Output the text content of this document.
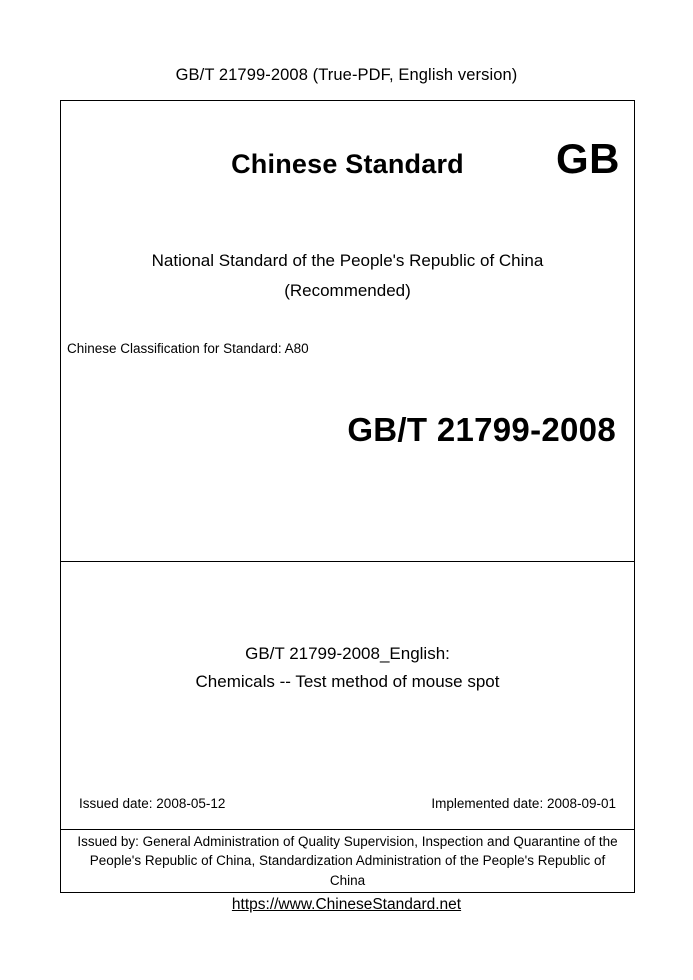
GB/T 21799-2008 (True-PDF, English version)
Chinese Standard	GB
National Standard of the People's Republic of China
(Recommended)
Chinese Classification for Standard: A80
GB/T 21799-2008
GB/T 21799-2008_English:
Chemicals -- Test method of mouse spot
Issued date: 2008-05-12	Implemented date: 2008-09-01
Issued by: General Administration of Quality Supervision, Inspection and Quarantine of the People's Republic of China, Standardization Administration of the People's Republic of China
https://www.ChineseStandard.net
